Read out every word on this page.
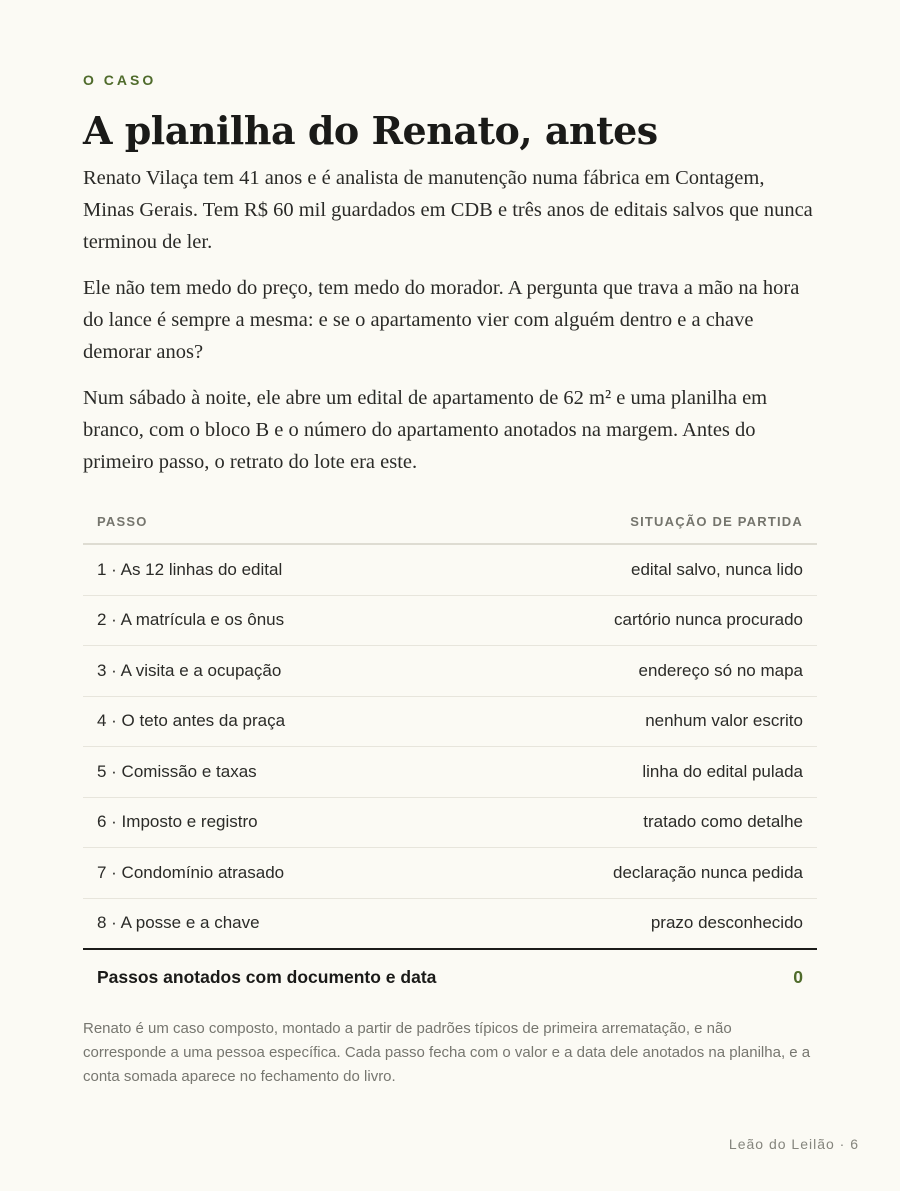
O CASO
A planilha do Renato, antes

Renato Vilaça tem 41 anos e é analista de manutenção numa fábrica em Contagem, Minas Gerais. Tem R$ 60 mil guardados em CDB e três anos de editais salvos que nunca terminou de ler.

Ele não tem medo do preço, tem medo do morador. A pergunta que trava a mão na hora do lance é sempre a mesma: e se o apartamento vier com alguém dentro e a chave demorar anos?

Num sábado à noite, ele abre um edital de apartamento de 62 m² e uma planilha em branco, com o bloco B e o número do apartamento anotados na margem. Antes do primeiro passo, o retrato do lote era este.

PASSO	SITUAÇÃO DE PARTIDA
1 · As 12 linhas do edital	edital salvo, nunca lido
2 · A matrícula e os ônus	cartório nunca procurado
3 · A visita e a ocupação	endereço só no mapa
4 · O teto antes da praça	nenhum valor escrito
5 · Comissão e taxas	linha do edital pulada
6 · Imposto e registro	tratado como detalhe
7 · Condomínio atrasado	declaração nunca pedida
8 · A posse e a chave	prazo desconhecido
Passos anotados com documento e data	0

Renato é um caso composto, montado a partir de padrões típicos de primeira arrematação, e não corresponde a uma pessoa específica. Cada passo fecha com o valor e a data dele anotados na planilha, e a conta somada aparece no fechamento do livro.

Leão do Leilão · 6
